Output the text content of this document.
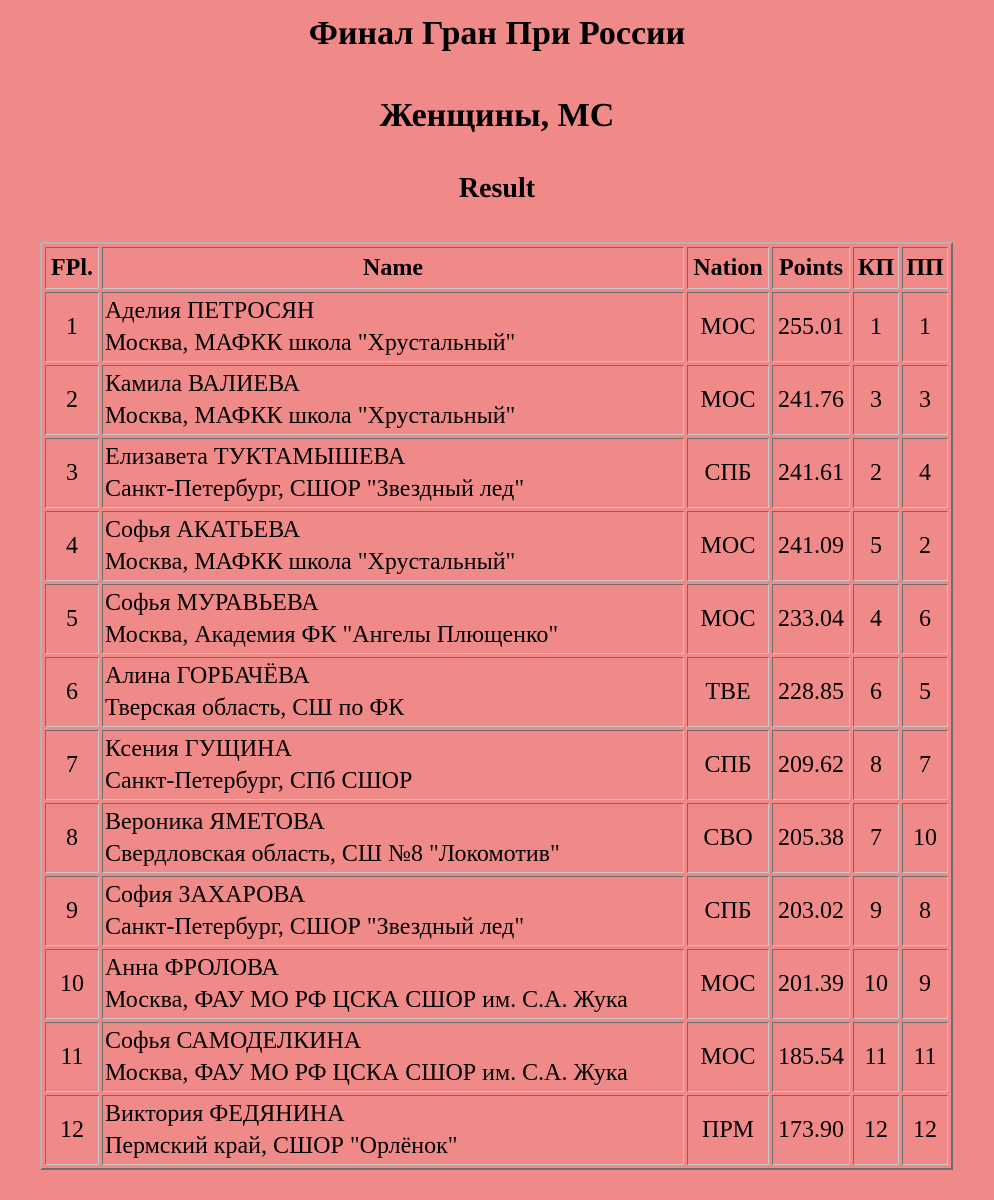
Финал Гран При России
Женщины, МС
Result
FPl.	Name	Nation	Points	КП	ПП
1	Аделия ПЕТРОСЯН
Москва, МАФКК школа "Хрустальный"	МОС	255.01	1	1
2	Камила ВАЛИЕВА
Москва, МАФКК школа "Хрустальный"	МОС	241.76	3	3
3	Елизавета ТУКТАМЫШЕВА
Санкт-Петербург, СШОР "Звездный лед"	СПБ	241.61	2	4
4	Софья АКАТЬЕВА
Москва, МАФКК школа "Хрустальный"	МОС	241.09	5	2
5	Софья МУРАВЬЕВА
Москва, Академия ФК "Ангелы Плющенко"	МОС	233.04	4	6
6	Алина ГОРБАЧЁВА
Тверская область, СШ по ФК	ТВЕ	228.85	6	5
7	Ксения ГУЩИНА
Санкт-Петербург, СПб СШОР	СПБ	209.62	8	7
8	Вероника ЯМЕТОВА
Свердловская область, СШ №8 "Локомотив"	СВО	205.38	7	10
9	София ЗАХАРОВА
Санкт-Петербург, СШОР "Звездный лед"	СПБ	203.02	9	8
10	Анна ФРОЛОВА
Москва, ФАУ МО РФ ЦСКА СШОР им. С.А. Жука	МОС	201.39	10	9
11	Софья САМОДЕЛКИНА
Москва, ФАУ МО РФ ЦСКА СШОР им. С.А. Жука	МОС	185.54	11	11
12	Виктория ФЕДЯНИНА
Пермский край, СШОР "Орлёнок"	ПРМ	173.90	12	12
